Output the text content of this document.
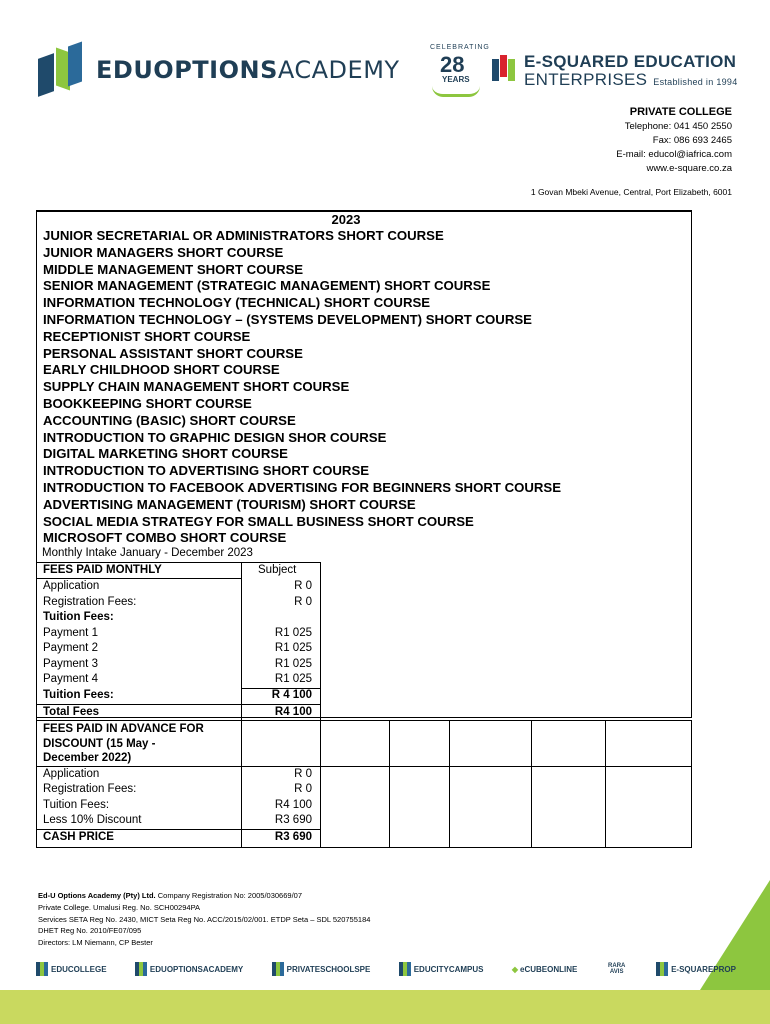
EDUOPTIONSACADEMY
CELEBRATING
28
YEARS
E-SQUARED EDUCATION
ENTERPRISES Established in 1994
PRIVATE COLLEGE
Telephone: 041 450 2550
Fax: 086 693 2465
E-mail: educol@iafrica.com
www.e-square.co.za
1 Govan Mbeki Avenue, Central, Port Elizabeth, 6001
2023
JUNIOR SECRETARIAL OR ADMINISTRATORS SHORT COURSE
JUNIOR MANAGERS SHORT COURSE
MIDDLE MANAGEMENT SHORT COURSE
SENIOR MANAGEMENT (STRATEGIC MANAGEMENT) SHORT COURSE
INFORMATION TECHNOLOGY (TECHNICAL) SHORT COURSE
INFORMATION TECHNOLOGY – (SYSTEMS DEVELOPMENT) SHORT COURSE
RECEPTIONIST SHORT COURSE
PERSONAL ASSISTANT SHORT COURSE
EARLY CHILDHOOD SHORT COURSE
SUPPLY CHAIN MANAGEMENT SHORT COURSE
BOOKKEEPING SHORT COURSE
ACCOUNTING (BASIC) SHORT COURSE
INTRODUCTION TO GRAPHIC DESIGN SHOR COURSE
DIGITAL MARKETING SHORT COURSE
INTRODUCTION TO ADVERTISING SHORT COURSE
INTRODUCTION TO FACEBOOK ADVERTISING FOR BEGINNERS SHORT COURSE
ADVERTISING MANAGEMENT (TOURISM) SHORT COURSE
SOCIAL MEDIA STRATEGY FOR SMALL BUSINESS SHORT COURSE
MICROSOFT COMBO SHORT COURSE
Monthly Intake January - December 2023
FEES PAID MONTHLY	Subject
Application	R 0
Registration Fees:	R 0
Tuition Fees:
Payment 1	R1 025
Payment 2	R1 025
Payment 3	R1 025
Payment 4	R1 025
Tuition Fees:	R 4 100
Total Fees	R4 100
FEES PAID IN ADVANCE FOR
DISCOUNT (15 May -
December 2022)
Application	R 0
Registration Fees:	R 0
Tuition Fees:	R4 100
Less 10% Discount	R3 690
CASH PRICE	R3 690
Ed-U Options Academy (Pty) Ltd. Company Registration No: 2005/030669/07
Private College. Umalusi Reg. No. SCH00294PA
Services SETA Reg No. 2430, MICT Seta Reg No. ACC/2015/02/001. ETDP Seta – SDL 520755184
DHET Reg No. 2010/FE07/095
Directors: LM Niemann, CP Bester
EDUCOLLEGE	EDUOPTIONSACADEMY	PRIVATESCHOOLSPE	EDUCITYCAMPUS	◆ eCUBEONLINE	RARA AVIS	E-SQUAREPROP
